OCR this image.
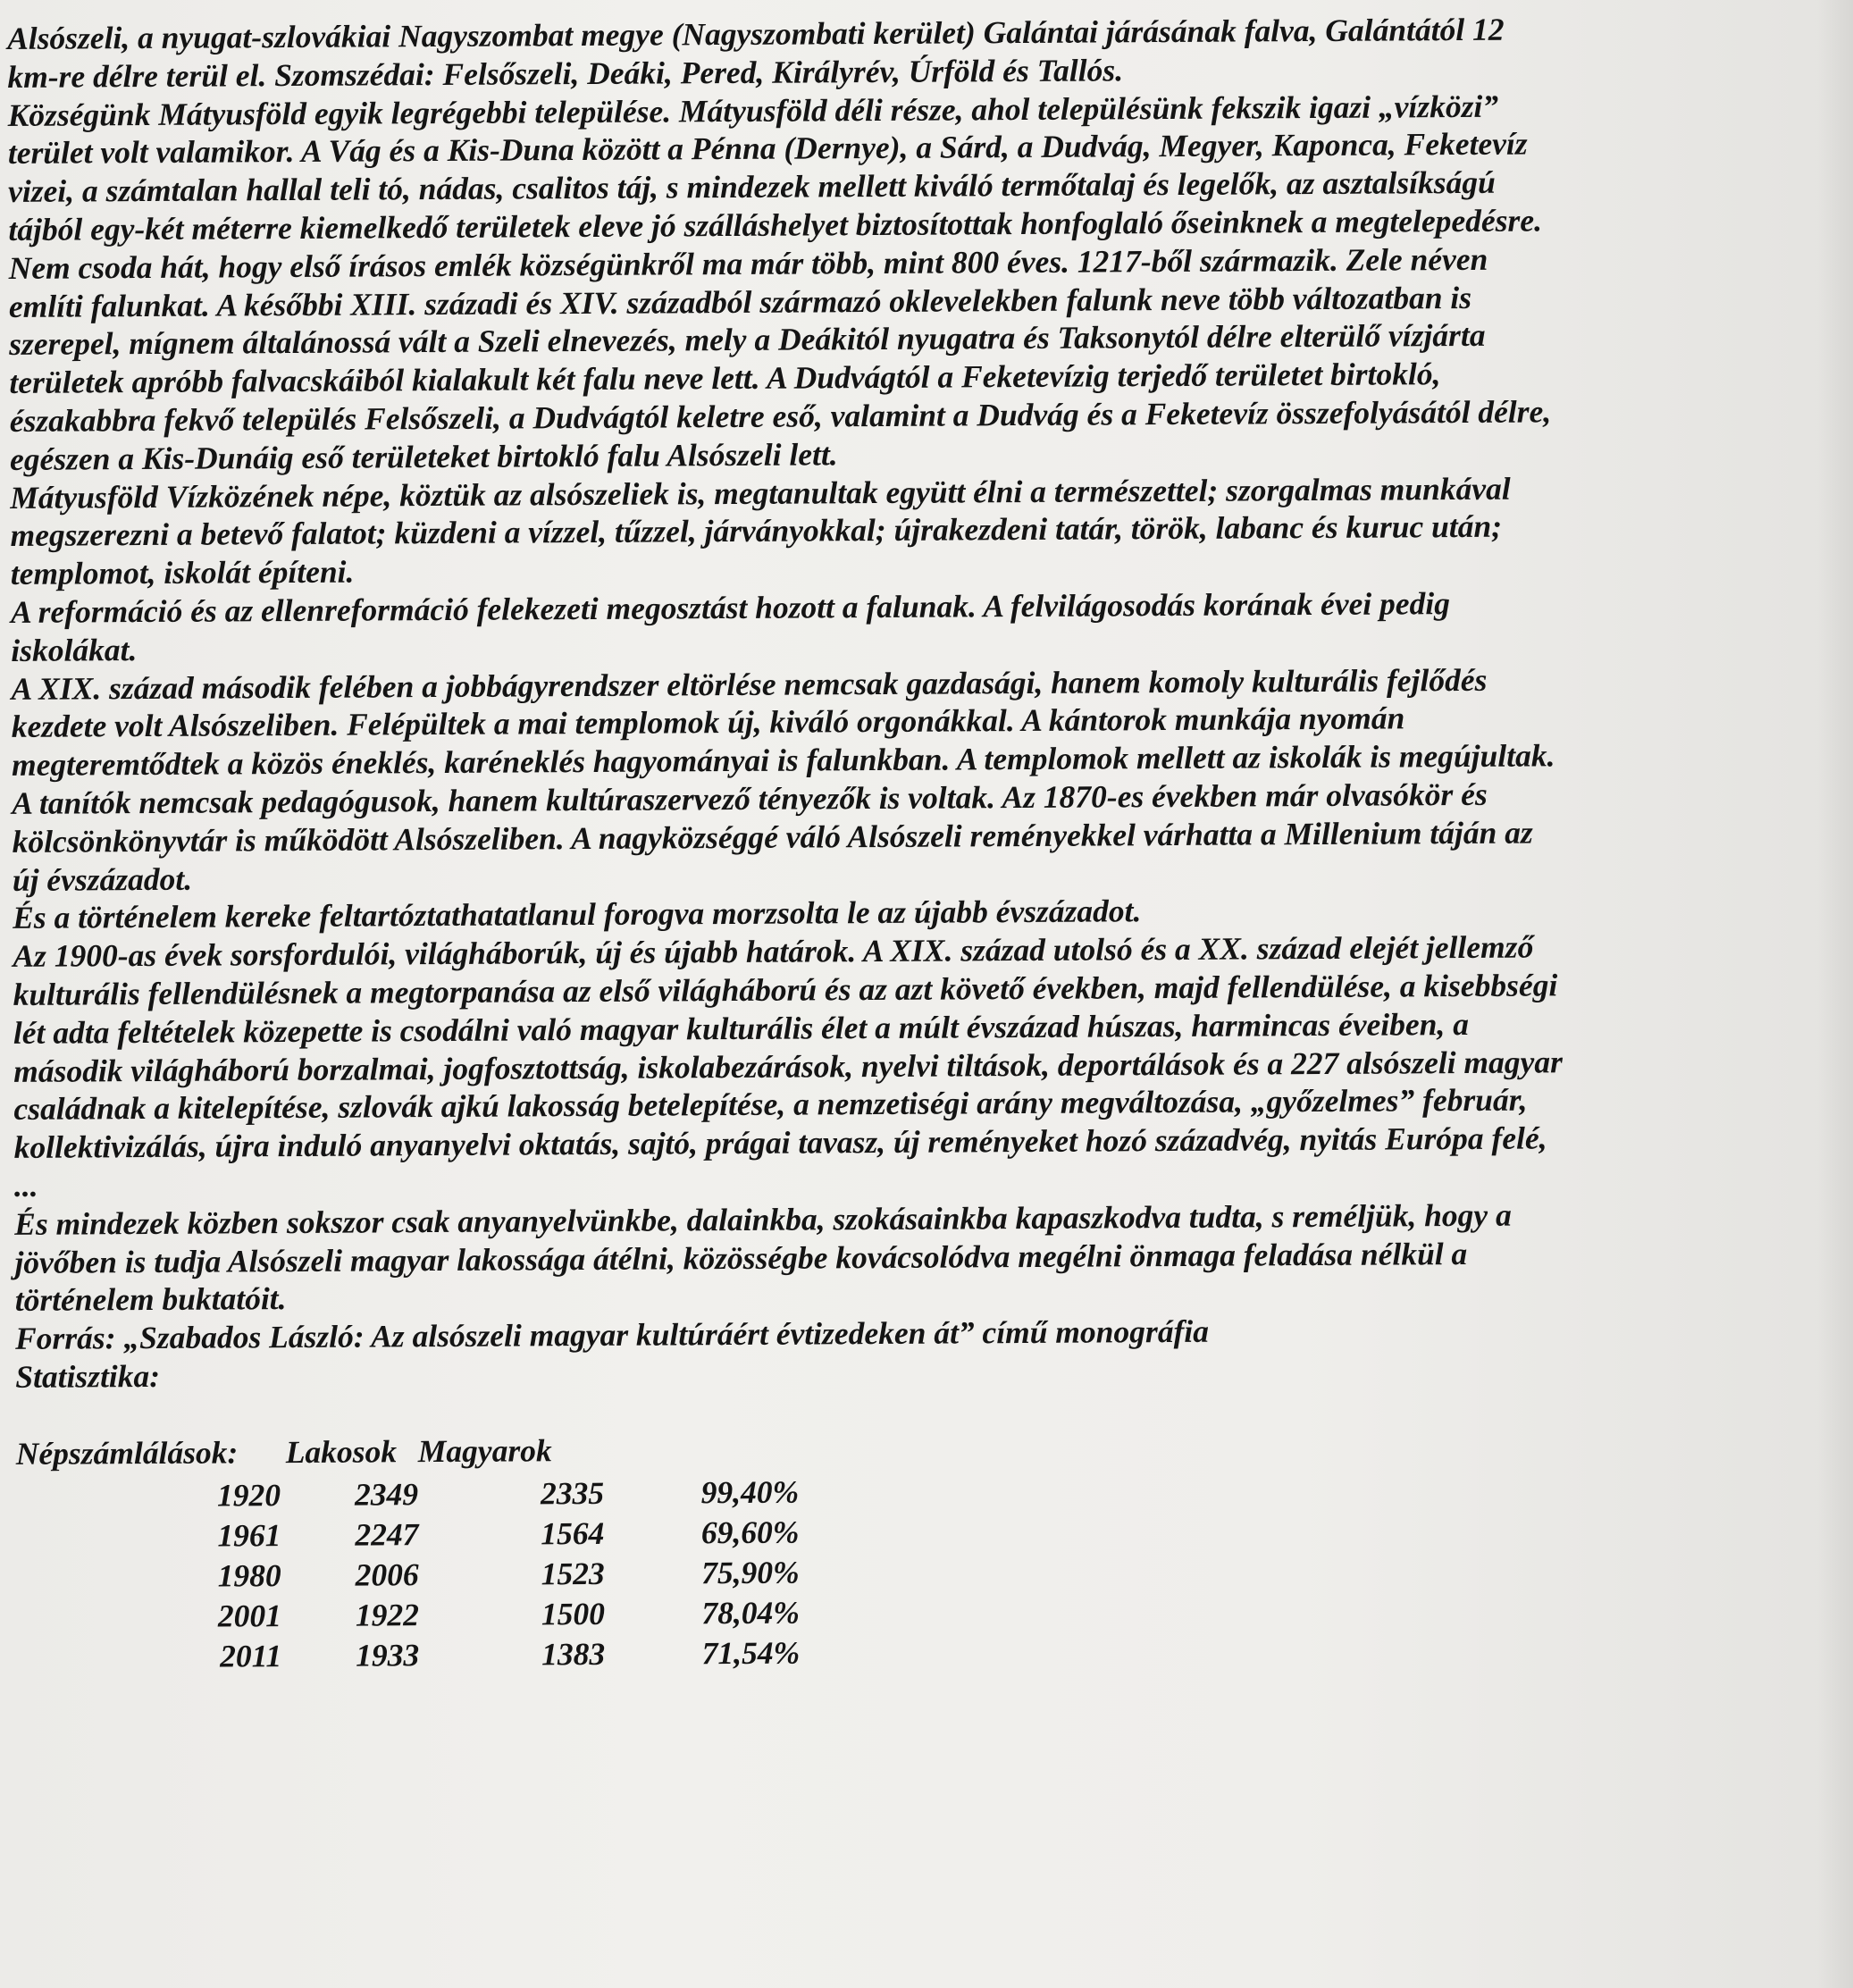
Alsószeli, a nyugat-szlovákiai Nagyszombat megye (Nagyszombati kerület) Galántai járásának falva, Galántától 12
km-re délre terül el. Szomszédai: Felsőszeli, Deáki, Pered, Királyrév, Úrföld és Tallós.
Községünk Mátyusföld egyik legrégebbi települése. Mátyusföld déli része, ahol településünk fekszik igazi „vízközi”
terület volt valamikor. A Vág és a Kis-Duna között a Pénna (Dernye), a Sárd, a Dudvág, Megyer, Kaponca, Feketevíz
vizei, a számtalan hallal teli tó, nádas, csalitos táj, s mindezek mellett kiváló termőtalaj és legelők, az asztalsíkságú
tájból egy-két méterre kiemelkedő területek eleve jó szálláshelyet biztosítottak honfoglaló őseinknek a megtelepedésre.
Nem csoda hát, hogy első írásos emlék községünkről ma már több, mint 800 éves. 1217-ből származik. Zele néven
említi falunkat. A későbbi XIII. századi és XIV. századból származó oklevelekben falunk neve több változatban is
szerepel, mígnem általánossá vált a Szeli elnevezés, mely a Deákitól nyugatra és Taksonytól délre elterülő vízjárta
területek apróbb falvacskáiból kialakult két falu neve lett. A Dudvágtól a Feketevízig terjedő területet birtokló,
északabbra fekvő település Felsőszeli, a Dudvágtól keletre eső, valamint a Dudvág és a Feketevíz összefolyásától délre,
egészen a Kis-Dunáig eső területeket birtokló falu Alsószeli lett.
Mátyusföld Vízközének népe, köztük az alsószeliek is, megtanultak együtt élni a természettel; szorgalmas munkával
megszerezni a betevő falatot; küzdeni a vízzel, tűzzel, járványokkal; újrakezdeni tatár, török, labanc és kuruc után;
templomot, iskolát építeni.
A reformáció és az ellenreformáció felekezeti megosztást hozott a falunak. A felvilágosodás korának évei pedig
iskolákat.
A XIX. század második felében a jobbágyrendszer eltörlése nemcsak gazdasági, hanem komoly kulturális fejlődés
kezdete volt Alsószeliben. Felépültek a mai templomok új, kiváló orgonákkal. A kántorok munkája nyomán
megteremtődtek a közös éneklés, karéneklés hagyományai is falunkban. A templomok mellett az iskolák is megújultak.
A tanítók nemcsak pedagógusok, hanem kultúraszervező tényezők is voltak. Az 1870-es években már olvasókör és
kölcsönkönyvtár is működött Alsószeliben. A nagyközséggé váló Alsószeli reményekkel várhatta a Millenium táján az
új évszázadot.
És a történelem kereke feltartóztathatatlanul forogva morzsolta le az újabb évszázadot.
Az 1900-as évek sorsfordulói, világháborúk, új és újabb határok. A XIX. század utolsó és a XX. század elejét jellemző
kulturális fellendülésnek a megtorpanása az első világháború és az azt követő években, majd fellendülése, a kisebbségi
lét adta feltételek közepette is csodálni való magyar kulturális élet a múlt évszázad húszas, harmincas éveiben, a
második világháború borzalmai, jogfosztottság, iskolabezárások, nyelvi tiltások, deportálások és a 227 alsószeli magyar
családnak a kitelepítése, szlovák ajkú lakosság betelepítése, a nemzetiségi arány megváltozása, „győzelmes” február,
kollektivizálás, újra induló anyanyelvi oktatás, sajtó, prágai tavasz, új reményeket hozó századvég, nyitás Európa felé,
...
És mindezek közben sokszor csak anyanyelvünkbe, dalainkba, szokásainkba kapaszkodva tudta, s reméljük, hogy a
jövőben is tudja Alsószeli magyar lakossága átélni, közösségbe kovácsolódva megélni önmaga feladása nélkül a
történelem buktatóit.
Forrás: „Szabados László: Az alsószeli magyar kultúráért évtizedeken át” című monográfia
Statisztika:
Népszámlálások:	Lakosok	Magyarok	
1920	2349	2335	99,40%
1961	2247	1564	69,60%
1980	2006	1523	75,90%
2001	1922	1500	78,04%
2011	1933	1383	71,54%
